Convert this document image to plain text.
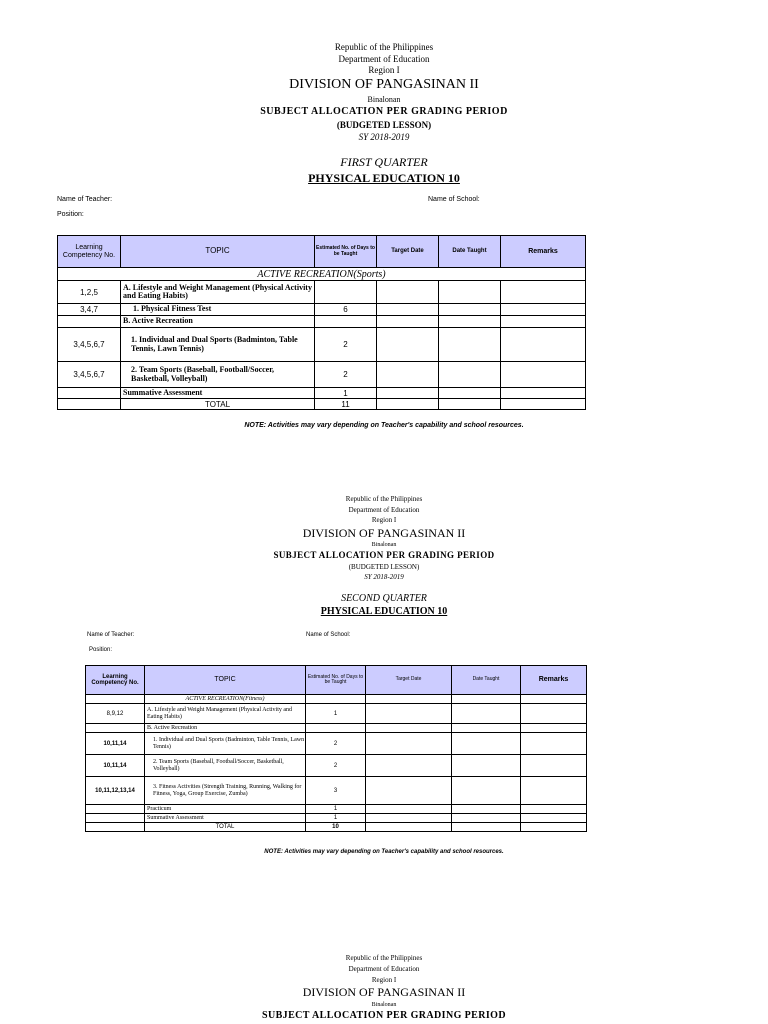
Republic of the Philippines
Department of Education
Region I
DIVISION OF PANGASINAN II
Binalonan
SUBJECT ALLOCATION PER GRADING PERIOD
(BUDGETED LESSON)
SY 2018-2019
FIRST QUARTER
PHYSICAL EDUCATION 10
Name of Teacher:	Name of School:
Position:
Learning Competency No.	TOPIC	Estimated No. of Days to be Taught	Target Date	Date Taught	Remarks
ACTIVE RECREATION(Sports)					
1,2,5	A. Lifestyle and Weight Management (Physical Activity and Eating Habits)				
3,4,7	1. Physical Fitness Test	6			
	B. Active Recreation				
3,4,5,6,7	1. Individual and Dual Sports (Badminton, Table Tennis, Lawn Tennis)	2			
3,4,5,6,7	2. Team Sports (Baseball, Football/Soccer, Basketball, Volleyball)	2			
	Summative Assessment	1			
	TOTAL	11			
NOTE: Activities may vary depending on Teacher's capability and school resources.
Republic of the Philippines
Department of Education
Region I
DIVISION OF PANGASINAN II
Binalonan
SUBJECT ALLOCATION PER GRADING PERIOD
(BUDGETED LESSON)
SY 2018-2019
SECOND QUARTER
PHYSICAL EDUCATION 10
Name of Teacher:	Name of School:
Position:
Learning Competency No.	TOPIC	Estimated No. of Days to be Taught	Target Date	Date Taught	Remarks
	ACTIVE RECREATION(Fitness)				
8,9,12	A. Lifestyle and Weight Management (Physical Activity and Eating Habits)	1			
	B. Active Recreation				
10,11,14	1. Individual and Dual Sports (Badminton, Table Tennis, Lawn Tennis)	2			
10,11,14	2. Team Sports (Baseball, Football/Soccer, Basketball, Volleyball)	2			
10,11,12,13,14	3. Fitness Activities (Strength Training, Running, Walking for Fitness, Yoga, Group Exercise, Zumba)	3			
	Practicum	1			
	Summative Assessment	1			
	TOTAL	10			
NOTE: Activities may vary depending on Teacher's capability and school resources.
Republic of the Philippines
Department of Education
Region I
DIVISION OF PANGASINAN II
Binalonan
SUBJECT ALLOCATION PER GRADING PERIOD
